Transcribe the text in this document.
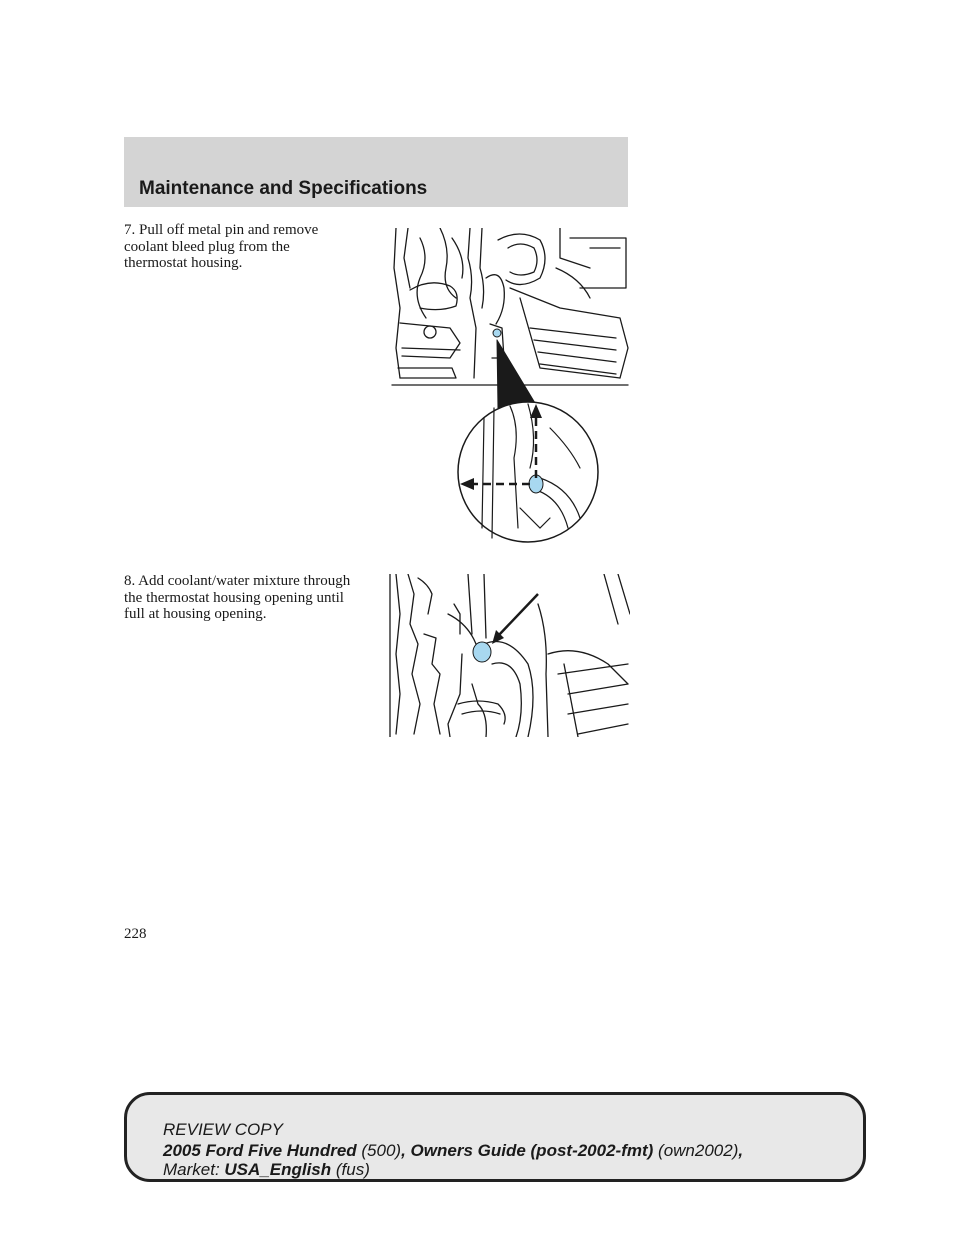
Maintenance and Specifications

7. Pull off metal pin and remove coolant bleed plug from the thermostat housing.

8. Add coolant/water mixture through the thermostat housing opening until full at housing opening.

228

REVIEW COPY

2005 Ford Five Hundred (500), Owners Guide (post-2002-fmt) (own2002),

Market: USA_English (fus)
